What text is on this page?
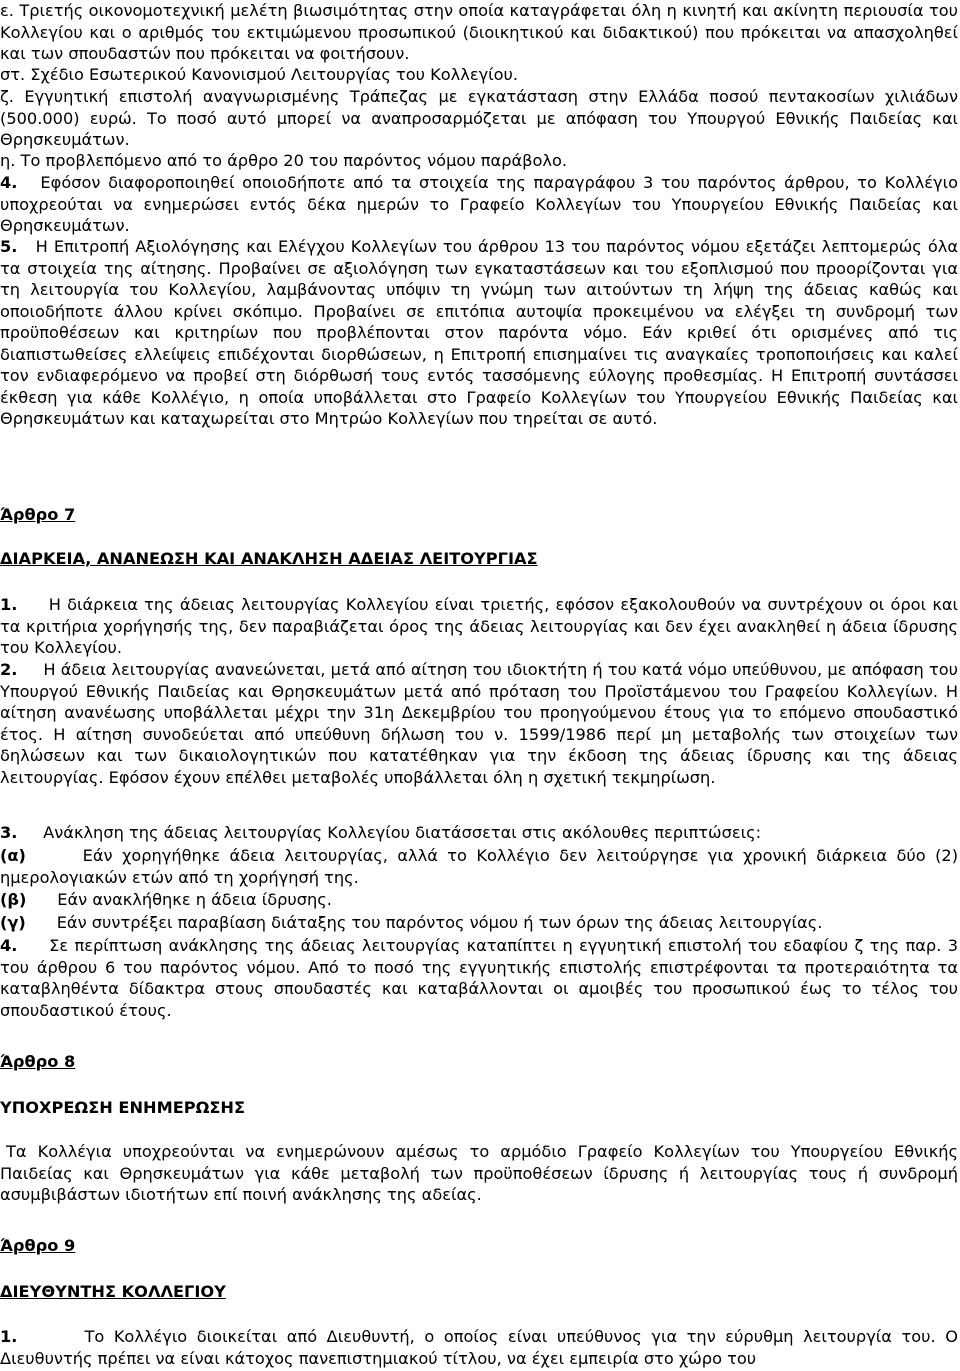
ε. Τριετής οικονομοτεχνική μελέτη βιωσιμότητας στην οποία καταγράφεται όλη η κινητή και ακίνητη περιουσία του Κολλεγίου και ο αριθμός του εκτιμώμενου προσωπικού (διοικητικού και διδακτικού) που πρόκειται να απασχοληθεί και των σπουδαστών που πρόκειται να φοιτήσουν.

στ. Σχέδιο Εσωτερικού Κανονισμού Λειτουργίας του Κολλεγίου.

ζ. Εγγυητική επιστολή αναγνωρισμένης Τράπεζας με εγκατάσταση στην Ελλάδα ποσού πεντακοσίων χιλιάδων (500.000) ευρώ. Το ποσό αυτό μπορεί να αναπροσαρμόζεται με απόφαση του Υπουργού Εθνικής Παιδείας και Θρησκευμάτων.

η. Το προβλεπόμενο από το άρθρο 20 του παρόντος νόμου παράβολο.

4. Εφόσον διαφοροποιηθεί οποιοδήποτε από τα στοιχεία της παραγράφου 3 του παρόντος άρθρου, το Κολλέγιο υποχρεούται να ενημερώσει εντός δέκα ημερών το Γραφείο Κολλεγίων του Υπουργείου Εθνικής Παιδείας και Θρησκευμάτων.

5. Η Επιτροπή Αξιολόγησης και Ελέγχου Κολλεγίων του άρθρου 13 του παρόντος νόμου εξετάζει λεπτομερώς όλα τα στοιχεία της αίτησης. Προβαίνει σε αξιολόγηση των εγκαταστάσεων και του εξοπλισμού που προορίζονται για τη λειτουργία του Κολλεγίου, λαμβάνοντας υπόψιν τη γνώμη των αιτούντων τη λήψη της άδειας καθώς και οποιοδήποτε άλλου κρίνει σκόπιμο. Προβαίνει σε επιτόπια αυτοψία προκειμένου να ελέγξει τη συνδρομή των προϋποθέσεων και κριτηρίων που προβλέπονται στον παρόντα νόμο. Εάν κριθεί ότι ορισμένες από τις διαπιστωθείσες ελλείψεις επιδέχονται διορθώσεων, η Επιτροπή επισημαίνει τις αναγκαίες τροποποιήσεις και καλεί τον ενδιαφερόμενο να προβεί στη διόρθωσή τους εντός τασσόμενης εύλογης προθεσμίας. Η Επιτροπή συντάσσει έκθεση για κάθε Κολλέγιο, η οποία υποβάλλεται στο Γραφείο Κολλεγίων του Υπουργείου Εθνικής Παιδείας και Θρησκευμάτων και καταχωρείται στο Μητρώο Κολλεγίων που τηρείται σε αυτό.

Άρθρο 7
ΔΙΑΡΚΕΙΑ, ΑΝΑΝΕΩΣΗ ΚΑΙ ΑΝΑΚΛΗΣΗ ΑΔΕΙΑΣ ΛΕΙΤΟΥΡΓΙΑΣ

1. Η διάρκεια της άδειας λειτουργίας Κολλεγίου είναι τριετής, εφόσον εξακολουθούν να συντρέχουν οι όροι και τα κριτήρια χορήγησής της, δεν παραβιάζεται όρος της άδειας λειτουργίας και δεν έχει ανακληθεί η άδεια ίδρυσης του Κολλεγίου.

2. Η άδεια λειτουργίας ανανεώνεται, μετά από αίτηση του ιδιοκτήτη ή του κατά νόμο υπεύθυνου, με απόφαση του Υπουργού Εθνικής Παιδείας και Θρησκευμάτων μετά από πρόταση του Προϊστάμενου του Γραφείου Κολλεγίων. Η αίτηση ανανέωσης υποβάλλεται μέχρι την 31η Δεκεμβρίου του προηγούμενου έτους για το επόμενο σπουδαστικό έτος. Η αίτηση συνοδεύεται από υπεύθυνη δήλωση του ν. 1599/1986 περί μη μεταβολής των στοιχείων των δηλώσεων και των δικαιολογητικών που κατατέθηκαν για την έκδοση της άδειας ίδρυσης και της άδειας λειτουργίας. Εφόσον έχουν επέλθει μεταβολές υποβάλλεται όλη η σχετική τεκμηρίωση.

3. Ανάκληση της άδειας λειτουργίας Κολλεγίου διατάσσεται στις ακόλουθες περιπτώσεις:

(α)	Εάν χορηγήθηκε άδεια λειτουργίας, αλλά το Κολλέγιο δεν λειτούργησε για χρονική διάρκεια δύο (2) ημερολογιακών ετών από τη χορήγησή της.

(β) Εάν ανακλήθηκε η άδεια ίδρυσης.

(γ) Εάν συντρέξει παραβίαση διάταξης του παρόντος νόμου ή των όρων της άδειας λειτουργίας.

4. Σε περίπτωση ανάκλησης της άδειας λειτουργίας καταπίπτει η εγγυητική επιστολή του εδαφίου ζ της παρ. 3 του άρθρου 6 του παρόντος νόμου. Από το ποσό της εγγυητικής επιστολής επιστρέφονται τα προτεραιότητα τα καταβληθέντα δίδακτρα στους σπουδαστές και καταβάλλονται οι αμοιβές του προσωπικού έως το τέλος του σπουδαστικού έτους.

Άρθρο 8
ΥΠΟΧΡΕΩΣΗ ΕΝΗΜΕΡΩΣΗΣ

Τα Κολλέγια υποχρεούνται να ενημερώνουν αμέσως το αρμόδιο Γραφείο Κολλεγίων του Υπουργείου Εθνικής Παιδείας και Θρησκευμάτων για κάθε μεταβολή των προϋποθέσεων ίδρυσης ή λειτουργίας τους ή συνδρομή ασυμβιβάστων ιδιοτήτων επί ποινή ανάκλησης της αδείας.

Άρθρο 9
ΔΙΕΥΘΥΝΤΗΣ ΚΟΛΛΕΓΙΟΥ

1.	Το Κολλέγιο διοικείται από Διευθυντή, ο οποίος είναι υπεύθυνος για την εύρυθμη λειτουργία του. Ο Διευθυντής πρέπει να είναι κάτοχος πανεπιστημιακού τίτλου, να έχει εμπειρία στο χώρο του
